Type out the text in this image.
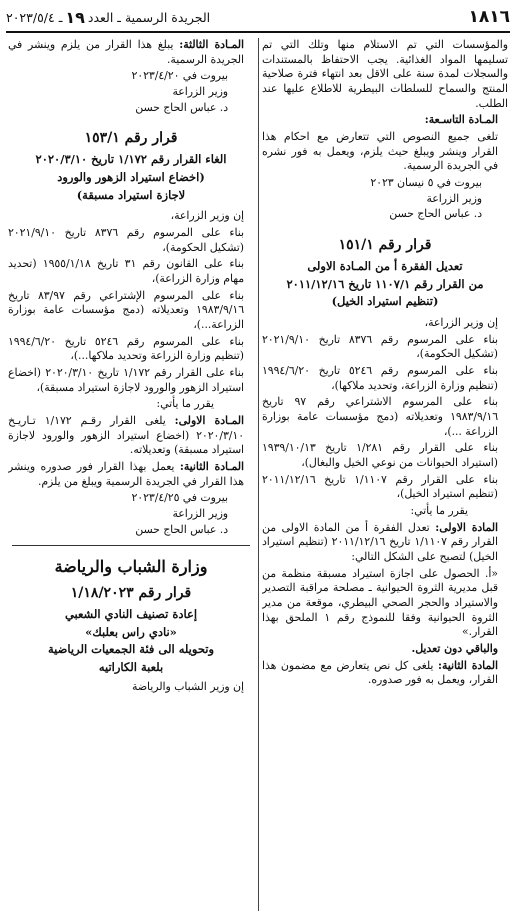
١٨١٦
الجريدة الرسمية ـ العدد
١٩
ـ ٢٠٢٣/٥/٤

والمؤسسات التي تم الاستلام منها وتلك التي تم تسليمها المواد الغذائية. يجب الاحتفاظ بالمستندات والسجلات لمدة سنة على الاقل بعد انتهاء فترة صلاحية المنتج والسماح للسلطات البيطرية للاطلاع عليها عند الطلب.

المـادة التاسـعة:

تلغى جميع النصوص التي تتعارض مع احكام هذا القرار وينشر ويبلغ حيث يلزم، ويعمل به فور نشره في الجريدة الرسمية.

بيروت في ٥ نيسان ٢٠٢٣

وزير الزراعة

د. عباس الحاج حسن

قرار رقم ١٥١/١

تعديل الفقرة أ من المـادة الاولى

من القرار رقم ١١٠٧/١ تاريخ ٢٠١١/١٢/١٦

(تنظيم استيراد الخيل)

إن وزير الزراعة،

بناء على المرسوم رقم ٨٣٧٦ تاريخ ٢٠٢١/٩/١٠ (تشكيل الحكومة)،

بناء على المرسوم رقم ٥٢٤٦ تاريخ ١٩٩٤/٦/٢٠ (تنظيم وزارة الزراعة، وتحديد ملاكها)،

بناء على المرسوم الاشتراعي رقم ٩٧ تاريخ ١٩٨٣/٩/١٦ وتعديلاته (دمج مؤسسات عامة بوزارة الزراعة ...)،

بناء على القرار رقم ١/٢٨١ تاريخ ١٩٣٩/١٠/١٣ (استيراد الحيوانات من نوعي الخيل والبغال)،

بناء على القرار رقم ١/١١٠٧ تاريخ ٢٠١١/١٢/١٦ (تنظيم استيراد الخيل)،

يقرر ما يأتي:

المادة الاولى: تعدل الفقرة أ من المادة الاولى من القرار رقم ١/١١٠٧ تاريخ ٢٠١١/١٢/١٦ (تنظيم استيراد الخيل) لتصبح على الشكل التالي:

«أ. الحصول على اجازة استيراد مسبقة منظمة من قبل مديرية الثروة الحيوانية ـ مصلحة مراقبة التصدير والاستيراد والحجر الصحي البيطري، موقعة من مدير الثروة الحيوانية وفقا للنموذج رقم ١ الملحق بهذا القرار.»

والباقي دون تعديل.

المادة الثانية: يلغى كل نص يتعارض مع مضمون هذا القرار، ويعمل به فور صدوره.

المـادة الثالثة: يبلغ هذا القرار من يلزم وينشر في الجريدة الرسمية.

بيروت في ٢٠٢٣/٤/٢٠

وزير الزراعة

د. عباس الحاج حسن

قرار رقم ١٥٣/١

الغاء القرار رقم ١/١٧٢ تاريخ ٢٠٢٠/٣/١٠

(اخضاع استيراد الزهور والورود

لاجازة استيراد مسبقة)

إن وزير الزراعة،

بناء على المرسوم رقم ٨٣٧٦ تاريخ ٢٠٢١/٩/١٠ (تشكيل الحكومة)،

بناء على القانون رقم ٣١ تاريخ ١٩٥٥/١/١٨ (تحديد مهام وزارة الزراعة)،

بناء على المرسوم الإشتراعي رقم ٨٣/٩٧ تاريخ ١٩٨٣/٩/١٦ وتعديلاته (دمج مؤسسات عامة بوزارة الزراعة...)،

بناء على المرسوم رقم ٥٢٤٦ تاريخ ١٩٩٤/٦/٢٠ (تنظيم وزارة الزراعة وتحديد ملاكها...)،

بناء على القرار رقم ١/١٧٢ تاريخ ٢٠٢٠/٣/١٠ (اخضاع استيراد الزهور والورود لاجازة استيراد مسبقة)،

يقرر ما يأتي:

المـادة الاولى: يلغى القرار رقـم ١/١٧٢ تـاريـخ ٢٠٢٠/٣/١٠ (اخضاع استيراد الزهور والورود لاجازة استيراد مسبقة) وتعديلاته.

المـادة الثانية: يعمل بهذا القرار فور صدوره وينشر هذا القرار في الجريدة الرسمية ويبلغ من يلزم.

بيروت في ٢٠٢٣/٤/٢٥

وزير الزراعة

د. عباس الحاج حسن

وزارة الشباب والرياضة
قرار رقم ١/١٨/٢٠٢٣

إعادة تصنيف النادي الشعبي

«نادي راس بعلبك»

وتحويله الى فئة الجمعيات الرياضية

بلعبة الكاراتيه

إن وزير الشباب والرياضة
